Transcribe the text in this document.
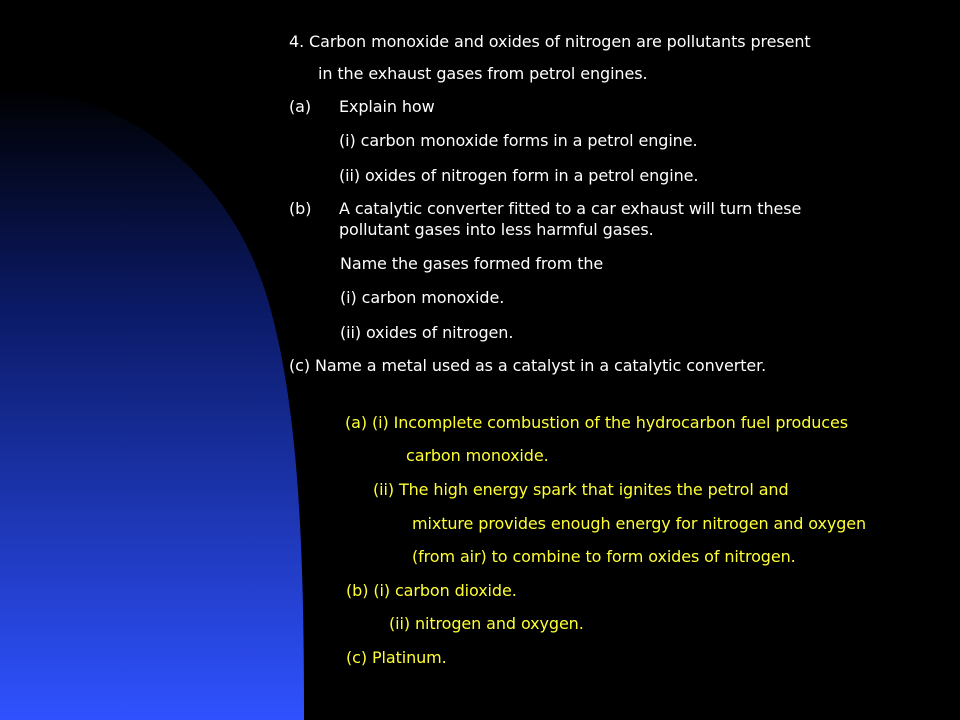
4. Carbon monoxide and oxides of nitrogen are pollutants present
in the exhaust gases from petrol engines.
(a) Explain how
(i) carbon monoxide forms in a petrol engine.
(ii) oxides of nitrogen form in a petrol engine.
(b) A catalytic converter fitted to a car exhaust will turn these
pollutant gases into less harmful gases.
Name the gases formed from the
(i) carbon monoxide.
(ii) oxides of nitrogen.
(c) Name a metal used as a catalyst in a catalytic converter.
(a) (i) Incomplete combustion of the hydrocarbon fuel produces
carbon monoxide.
(ii) The high energy spark that ignites the petrol and
mixture provides enough energy for nitrogen and oxygen
(from air) to combine to form oxides of nitrogen.
(b) (i) carbon dioxide.
(ii) nitrogen and oxygen.
(c) Platinum.
